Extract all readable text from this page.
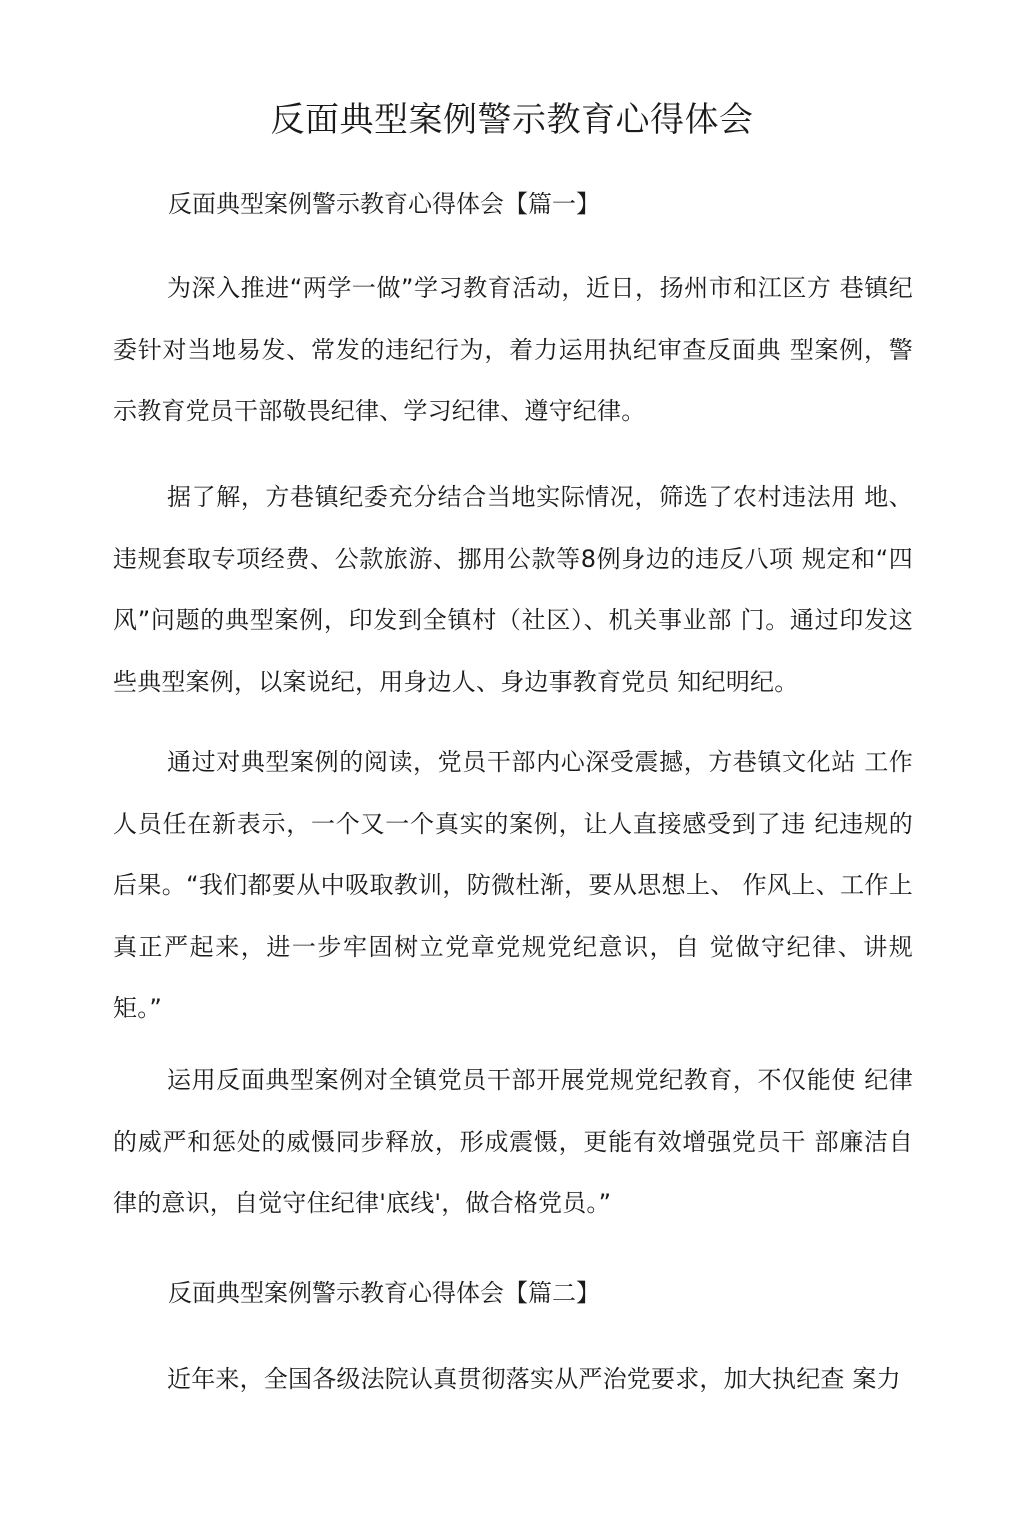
反面典型案例警示教育心得体会
反面典型案例警示教育心得体会【篇一】
为深入推进“两学一做”学习教育活动，近日，扬州市和江区方 巷镇纪委针对当地易发、常发的违纪行为，着力运用执纪审查反面典 型案例，警示教育党员干部敬畏纪律、学习纪律、遵守纪律。
据了解，方巷镇纪委充分结合当地实际情况，筛选了农村违法用 地、违规套取专项经费、公款旅游、挪用公款等8例身边的违反八项 规定和“四风”问题的典型案例，印发到全镇村（社区）、机关事业部 门。通过印发这些典型案例，以案说纪，用身边人、身边事教育党员 知纪明纪。
通过对典型案例的阅读，党员干部内心深受震撼，方巷镇文化站 工作人员任在新表示，一个又一个真实的案例，让人直接感受到了违 纪违规的后果。“我们都要从中吸取教训，防微杜渐，要从思想上、 作风上、工作上真正严起来，进一步牢固树立党章党规党纪意识，自 觉做守纪律、讲规矩。”
运用反面典型案例对全镇党员干部开展党规党纪教育，不仅能使 纪律的威严和惩处的威慑同步释放，形成震慑，更能有效增强党员干 部廉洁自律的意识，自觉守住纪律'底线'，做合格党员。”
反面典型案例警示教育心得体会【篇二】
近年来，全国各级法院认真贯彻落实从严治党要求，加大执纪查 案力
